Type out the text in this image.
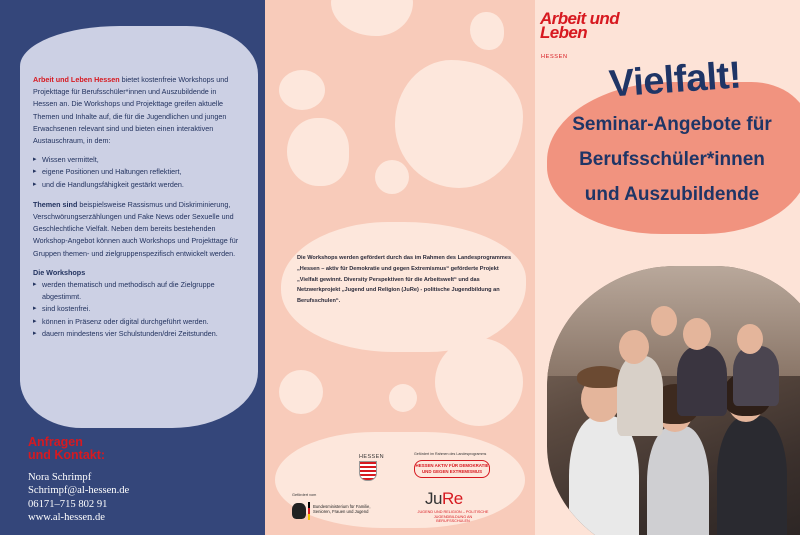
Arbeit und Leben Hessen bietet kostenfreie Workshops und Projekttage für Berufsschüler*innen und Auszubildende in Hessen an. Die Workshops und Projekttage greifen aktuelle Themen und Inhalte auf, die für die Jugendlichen und jungen Erwachsenen relevant sind und bieten einen interaktiven Austauschraum, in dem:

▸ Wissen vermittelt,
▸ eigene Positionen und Haltungen reflektiert,
▸ und die Handlungsfähigkeit gestärkt werden.

Themen sind beispielsweise Rassismus und Diskriminierung, Verschwörungserzählungen und Fake News oder Sexuelle und Geschlechtliche Vielfalt. Neben dem bereits bestehenden Workshop-Angebot können auch Workshops und Projekttage für Gruppen themen- und zielgruppenspezifisch entwickelt werden.

Die Workshops

▸ werden thematisch und methodisch auf die Zielgruppe abgestimmt.
▸ sind kostenfrei.
▸ können in Präsenz oder digital durchgeführt werden.
▸ dauern mindestens vier Schulstunden/drei Zeitstunden.
Anfragen
und Kontakt:
Nora Schrimpf
Schrimpf@al-hessen.de
06171–715 802 91
www.al-hessen.de
Die Workshops werden gefördert durch das im Rahmen des Landesprogrammes „Hessen – aktiv für Demokratie und gegen Extremismus“ geförderte Projekt „Vielfalt gewinnt. Diversity Perspektiven für die Arbeitswelt“ und das Netzwerkprojekt „Jugend und Religion (JuRe) - politische Jugendbildung an Berufsschulen“.
HESSEN
Gefördert vom
Bundesministerium für Familie, Senioren, Frauen und Jugend
Gefördert im Rahmen des Landesprogramms
HESSEN AKTIV FÜR DEMOKRATIE UND GEGEN EXTREMISMUS
JuRe
JUGEND UND RELIGION – POLITISCHE JUGENDBILDUNG AN BERUFSSCHULEN
Arbeit und
Leben
HESSEN	Vielfalt!
Seminar-Angebote für
Berufsschüler*innen
und Auszubildende
